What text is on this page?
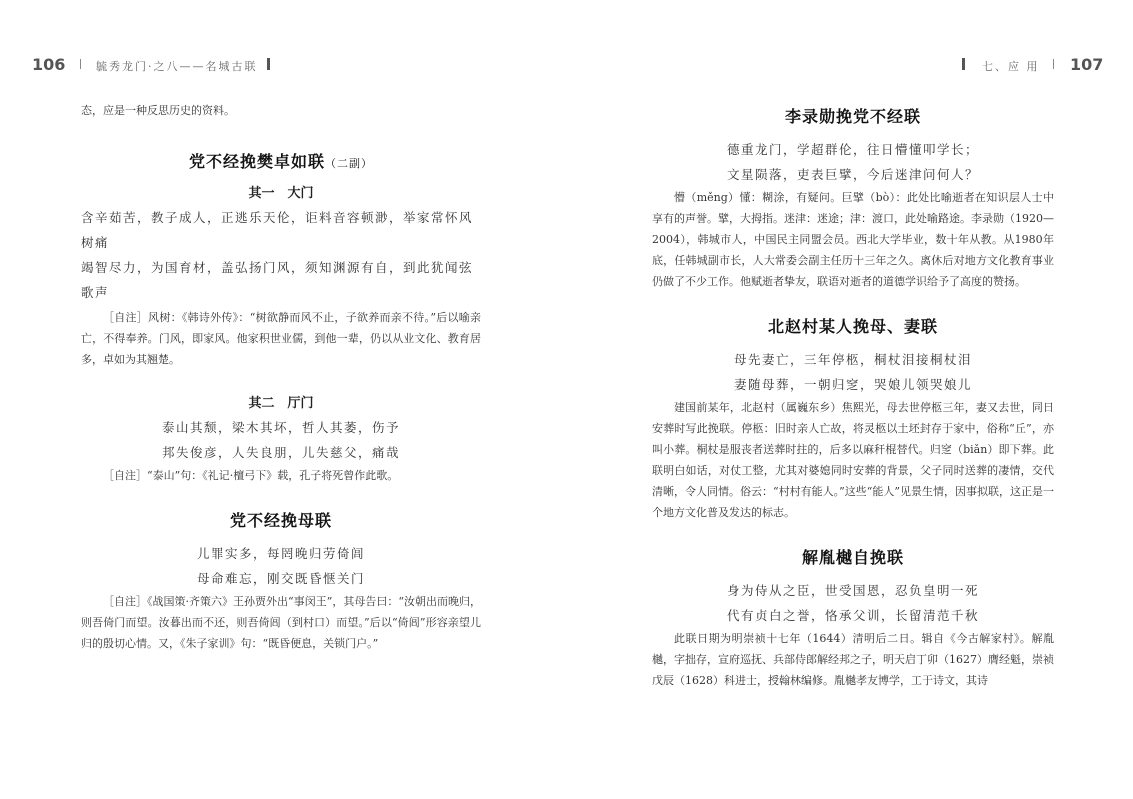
106	毓秀龙门·之八——名城古联	七、应 用 107

态，应是一种反思历史的资料。

党不经挽樊卓如联（二副）
其一　大门
含辛茹苦，教子成人，正逃乐天伦，讵料音容顿渺，举家常怀风
树痛
竭智尽力，为国育材，盖弘扬门风，须知渊源有自，到此犹闻弦
歌声

［自注］风树：《韩诗外传》：“树欲静而风不止，子欲养而亲不待。”后以喻亲亡，不得奉养。门风，即家风。他家积世业儒，到他一辈，仍以从业文化、教育居多，卓如为其翘楚。

其二　厅门
泰山其颓，梁木其坏，哲人其萎，伤予
邦失俊彦，人失良朋，儿失慈父，痛哉

［自注］“泰山”句：《礼记·檀弓下》载，孔子将死曾作此歌。

党不经挽母联
儿罪实多，每罔晚归劳倚闾
母命难忘，刚交既昏惬关门

［自注］《战国策·齐策六》王孙贾外出“事闵王”，其母告曰：“汝朝出而晚归，则吾倚门而望。汝暮出而不还，则吾倚闾（到村口）而望。”后以“倚闾”形容亲望儿归的殷切心情。又，《朱子家训》句：“既昏便息，关锁门户。”

李录勋挽党不经联
德重龙门，学超群伦，往日懵懂叩学长；
文星陨落，吏表巨擘，今后迷津问何人？

懵（měng）懂：糊涂，有疑问。巨擘（bò）：此处比喻逝者在知识层人士中享有的声誉。擘，大拇指。迷津：迷途；津：渡口，此处喻路途。李录勋（1920—2004），韩城市人，中国民主同盟会员。西北大学毕业，数十年从教。从1980年底，任韩城副市长，人大常委会副主任历十三年之久。离休后对地方文化教育事业仍做了不少工作。他赋逝者挚友，联语对逝者的道德学识给予了高度的赞扬。

北赵村某人挽母、妻联
母先妻亡，三年停柩，桐杖泪接桐杖泪
妻随母葬，一朝归窆，哭娘儿领哭娘儿

建国前某年，北赵村（属巍东乡）焦熙光，母去世停柩三年，妻又去世，同日安葬时写此挽联。停柩：旧时亲人亡故，将灵柩以土坯封存于家中，俗称“丘”，亦叫小葬。桐杖是服丧者送葬时拄的，后多以麻秆棍替代。归窆（biǎn）即下葬。此联明白如话，对仗工整，尤其对婆媳同时安葬的背景，父子同时送葬的凄情，交代清晰，令人同情。俗云：“村村有能人。”这些“能人”见景生情，因事拟联，这正是一个地方文化普及发达的标志。

解胤樾自挽联
身为侍从之臣，世受国恩，忍负皇明一死
代有贞白之誉，恪承父训，长留清范千秋

此联日期为明崇祯十七年（1644）清明后二日。辑自《今古解家村》。解胤樾，字拙存，宣府巡抚、兵部侍郎解经邦之子，明天启丁卯（1627）膺经魁，崇祯戊辰（1628）科进士，授翰林编修。胤樾孝友博学，工于诗文，其诗
